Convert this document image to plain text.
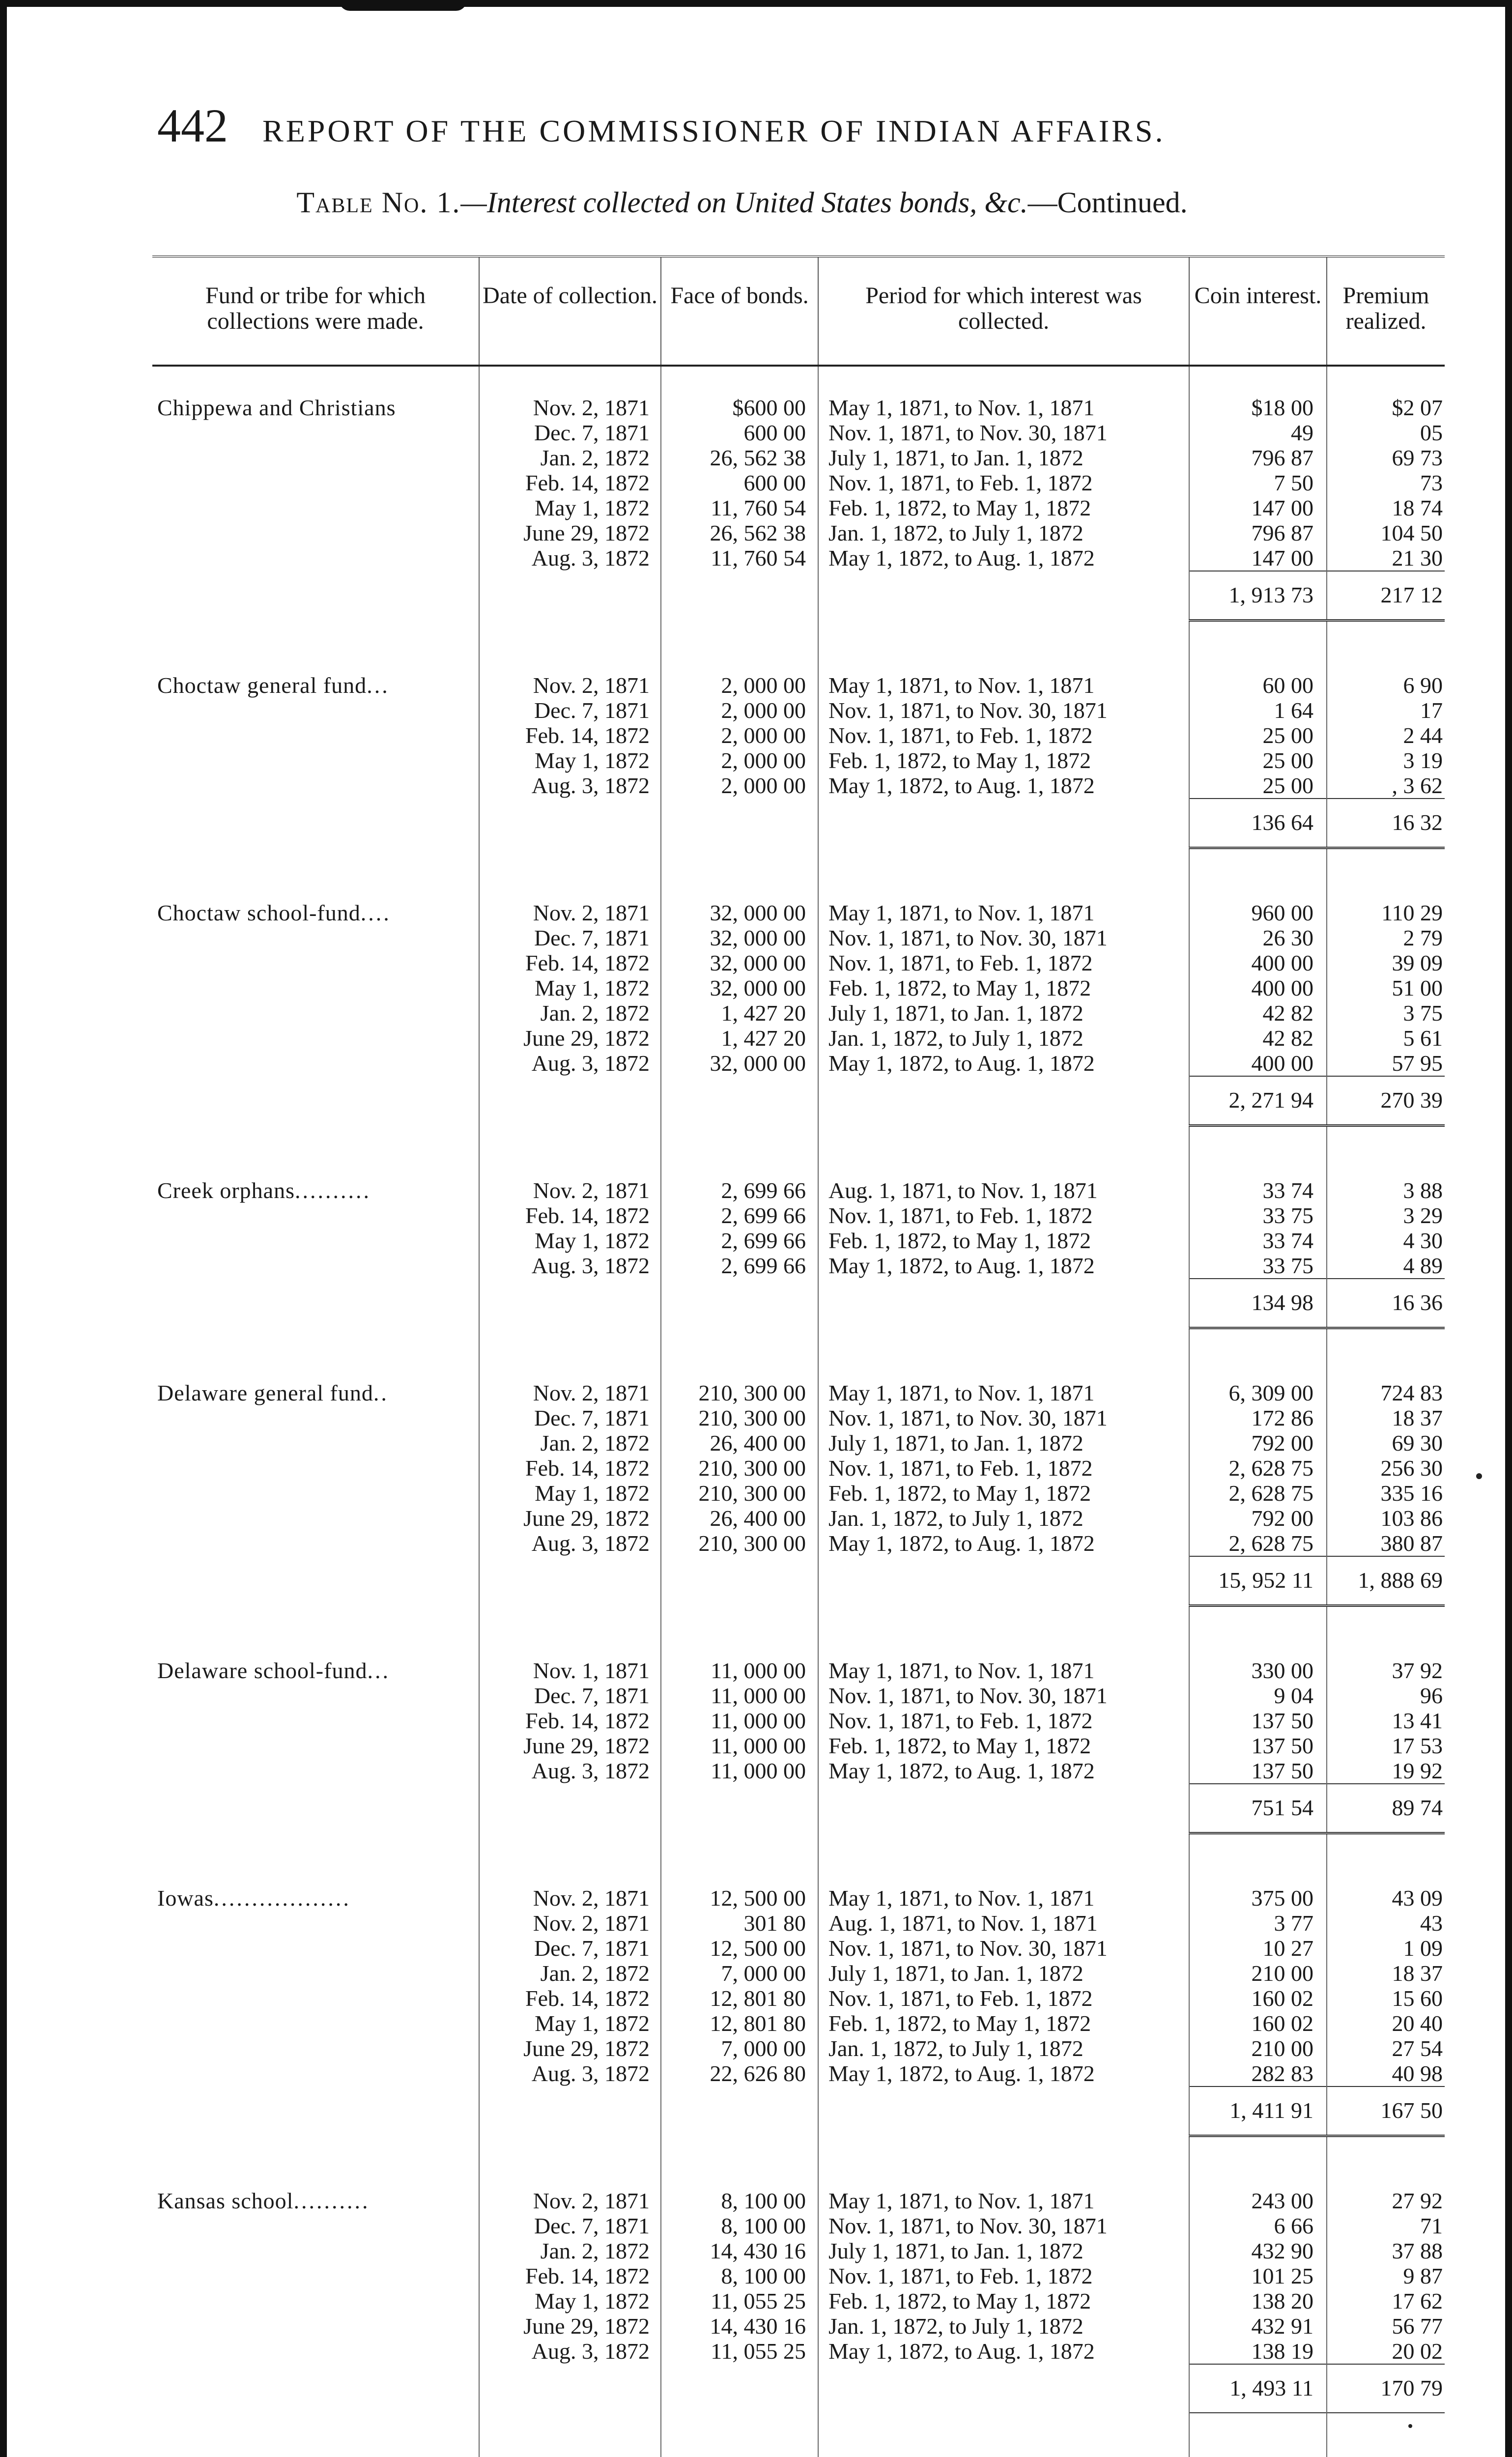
442 REPORT OF THE COMMISSIONER OF INDIAN AFFAIRS.
Table No. 1.—Interest collected on United States bonds, &c.—Continued.
Fund or tribe for which collections were made.	Date of collection.	Face of bonds.	Period for which interest was collected.	Coin interest.	Premium realized.

Chippewa and Christians	Nov. 2, 1871	$600 00	May 1, 1871, to Nov. 1, 1871	$18 00	$2 07
	Dec. 7, 1871	600 00	Nov. 1, 1871, to Nov. 30, 1871	49	05
	Jan. 2, 1872	26, 562 38	July 1, 1871, to Jan. 1, 1872	796 87	69 73
	Feb. 14, 1872	600 00	Nov. 1, 1871, to Feb. 1, 1872	7 50	73
	May 1, 1872	11, 760 54	Feb. 1, 1872, to May 1, 1872	147 00	18 74
	June 29, 1872	26, 562 38	Jan. 1, 1872, to July 1, 1872	796 87	104 50
	Aug. 3, 1872	11, 760 54	May 1, 1872, to Aug. 1, 1872	147 00	21 30
				1, 913 73	217 12

Choctaw general fund...	Nov. 2, 1871	2, 000 00	May 1, 1871, to Nov. 1, 1871	60 00	6 90
	Dec. 7, 1871	2, 000 00	Nov. 1, 1871, to Nov. 30, 1871	1 64	17
	Feb. 14, 1872	2, 000 00	Nov. 1, 1871, to Feb. 1, 1872	25 00	2 44
	May 1, 1872	2, 000 00	Feb. 1, 1872, to May 1, 1872	25 00	3 19
	Aug. 3, 1872	2, 000 00	May 1, 1872, to Aug. 1, 1872	25 00	, 3 62
				136 64	16 32

Choctaw school-fund....	Nov. 2, 1871	32, 000 00	May 1, 1871, to Nov. 1, 1871	960 00	110 29
	Dec. 7, 1871	32, 000 00	Nov. 1, 1871, to Nov. 30, 1871	26 30	2 79
	Feb. 14, 1872	32, 000 00	Nov. 1, 1871, to Feb. 1, 1872	400 00	39 09
	May 1, 1872	32, 000 00	Feb. 1, 1872, to May 1, 1872	400 00	51 00
	Jan. 2, 1872	1, 427 20	July 1, 1871, to Jan. 1, 1872	42 82	3 75
	June 29, 1872	1, 427 20	Jan. 1, 1872, to July 1, 1872	42 82	5 61
	Aug. 3, 1872	32, 000 00	May 1, 1872, to Aug. 1, 1872	400 00	57 95
				2, 271 94	270 39

Creek orphans..........	Nov. 2, 1871	2, 699 66	Aug. 1, 1871, to Nov. 1, 1871	33 74	3 88
	Feb. 14, 1872	2, 699 66	Nov. 1, 1871, to Feb. 1, 1872	33 75	3 29
	May 1, 1872	2, 699 66	Feb. 1, 1872, to May 1, 1872	33 74	4 30
	Aug. 3, 1872	2, 699 66	May 1, 1872, to Aug. 1, 1872	33 75	4 89
				134 98	16 36

Delaware general fund..	Nov. 2, 1871	210, 300 00	May 1, 1871, to Nov. 1, 1871	6, 309 00	724 83
	Dec. 7, 1871	210, 300 00	Nov. 1, 1871, to Nov. 30, 1871	172 86	18 37
	Jan. 2, 1872	26, 400 00	July 1, 1871, to Jan. 1, 1872	792 00	69 30
	Feb. 14, 1872	210, 300 00	Nov. 1, 1871, to Feb. 1, 1872	2, 628 75	256 30
	May 1, 1872	210, 300 00	Feb. 1, 1872, to May 1, 1872	2, 628 75	335 16
	June 29, 1872	26, 400 00	Jan. 1, 1872, to July 1, 1872	792 00	103 86
	Aug. 3, 1872	210, 300 00	May 1, 1872, to Aug. 1, 1872	2, 628 75	380 87
				15, 952 11	1, 888 69

Delaware school-fund...	Nov. 1, 1871	11, 000 00	May 1, 1871, to Nov. 1, 1871	330 00	37 92
	Dec. 7, 1871	11, 000 00	Nov. 1, 1871, to Nov. 30, 1871	9 04	96
	Feb. 14, 1872	11, 000 00	Nov. 1, 1871, to Feb. 1, 1872	137 50	13 41
	June 29, 1872	11, 000 00	Feb. 1, 1872, to May 1, 1872	137 50	17 53
	Aug. 3, 1872	11, 000 00	May 1, 1872, to Aug. 1, 1872	137 50	19 92
				751 54	89 74

Iowas..................	Nov. 2, 1871	12, 500 00	May 1, 1871, to Nov. 1, 1871	375 00	43 09
	Nov. 2, 1871	301 80	Aug. 1, 1871, to Nov. 1, 1871	3 77	43
	Dec. 7, 1871	12, 500 00	Nov. 1, 1871, to Nov. 30, 1871	10 27	1 09
	Jan. 2, 1872	7, 000 00	July 1, 1871, to Jan. 1, 1872	210 00	18 37
	Feb. 14, 1872	12, 801 80	Nov. 1, 1871, to Feb. 1, 1872	160 02	15 60
	May 1, 1872	12, 801 80	Feb. 1, 1872, to May 1, 1872	160 02	20 40
	June 29, 1872	7, 000 00	Jan. 1, 1872, to July 1, 1872	210 00	27 54
	Aug. 3, 1872	22, 626 80	May 1, 1872, to Aug. 1, 1872	282 83	40 98
				1, 411 91	167 50

Kansas school..........	Nov. 2, 1871	8, 100 00	May 1, 1871, to Nov. 1, 1871	243 00	27 92
	Dec. 7, 1871	8, 100 00	Nov. 1, 1871, to Nov. 30, 1871	6 66	71
	Jan. 2, 1872	14, 430 16	July 1, 1871, to Jan. 1, 1872	432 90	37 88
	Feb. 14, 1872	8, 100 00	Nov. 1, 1871, to Feb. 1, 1872	101 25	9 87
	May 1, 1872	11, 055 25	Feb. 1, 1872, to May 1, 1872	138 20	17 62
	June 29, 1872	14, 430 16	Jan. 1, 1872, to July 1, 1872	432 91	56 77
	Aug. 3, 1872	11, 055 25	May 1, 1872, to Aug. 1, 1872	138 19	20 02
				1, 493 11	170 79
